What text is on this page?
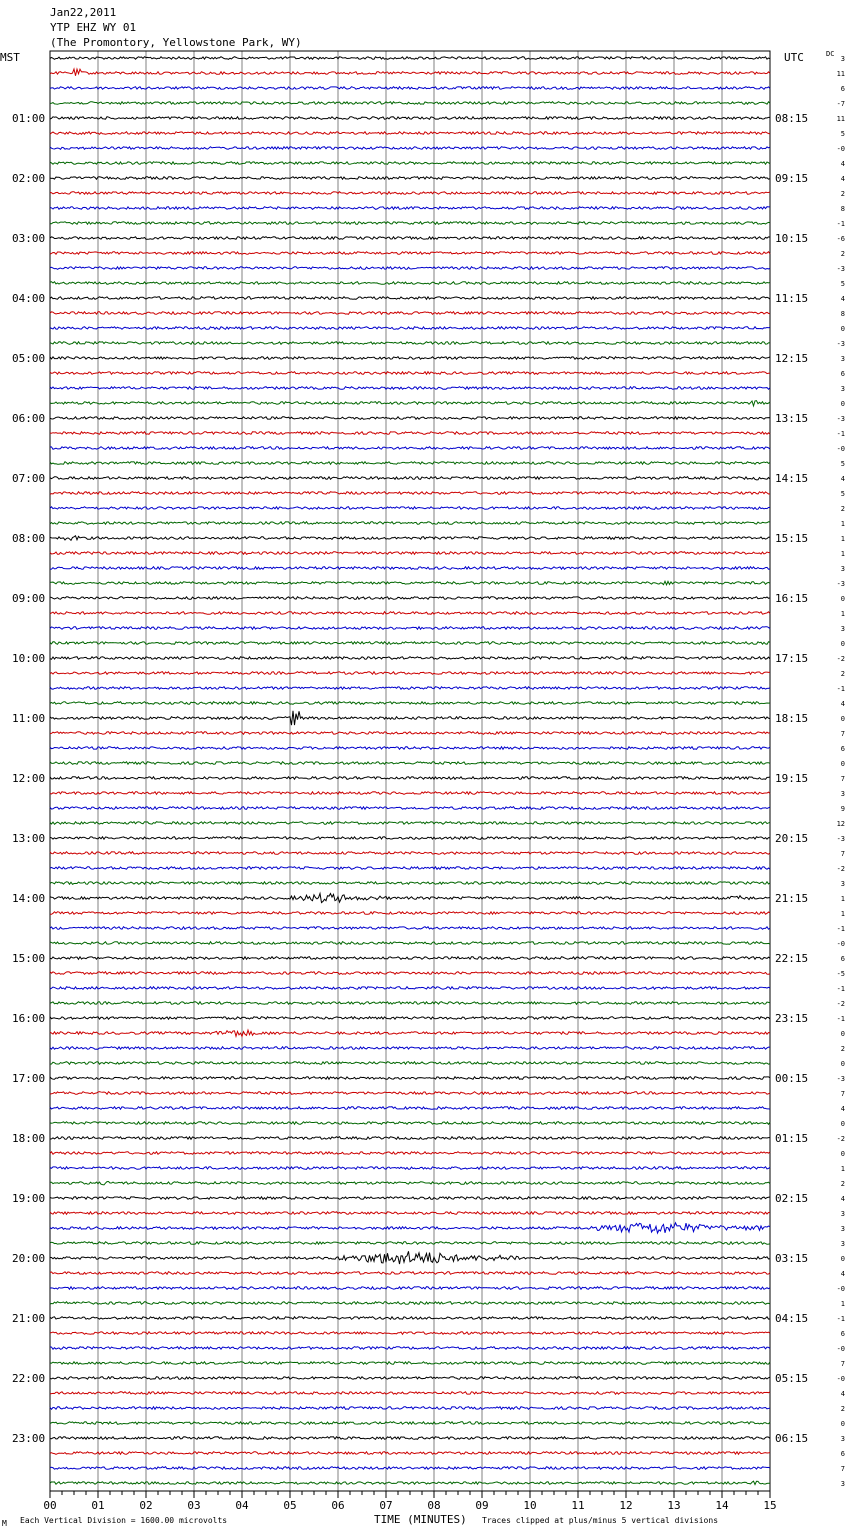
Jan22,2011
YTP EHZ WY 01
(The Promontory, Yellowstone Park, WY)
MST	UTC	DC
01:00
02:00
03:00
04:00
05:00
06:00
07:00
08:00
09:00
10:00
11:00
12:00
13:00
14:00
15:00
16:00
17:00
18:00
19:00
20:00
21:00
22:00
23:00
08:15
09:15
10:15
11:15
12:15
13:15
14:15
15:15
16:15
17:15
18:15
19:15
20:15
21:15
22:15
23:15
00:15
01:15
02:15
03:15
04:15
05:15
06:15
3
11
6
-7
11
5
-0
4
4
2
8
-1
-6
2
-3
5
4
8
0
-3
3
6
3
0
-3
-1
-0
5
4
5
2
1
1
1
3
-3
0
1
3
0
-2
2
-1
4
0
7
6
0
7
3
9
12
-3
7
-2
3
1
1
-1
-0
6
-5
-1
-2
-1
0
2
0
-3
7
4
0
-2
0
1
2
4
3
3
3
0
4
-0
1
-1
6
-0
7
-0
4
2
0
3
6
7
3
00	01	02	03	04	05	06	07	08	09	10	11	12	13	14	15
M Each Vertical Division = 1600.00 microvolts	TIME (MINUTES) Traces clipped at plus/minus 5 vertical divisions
